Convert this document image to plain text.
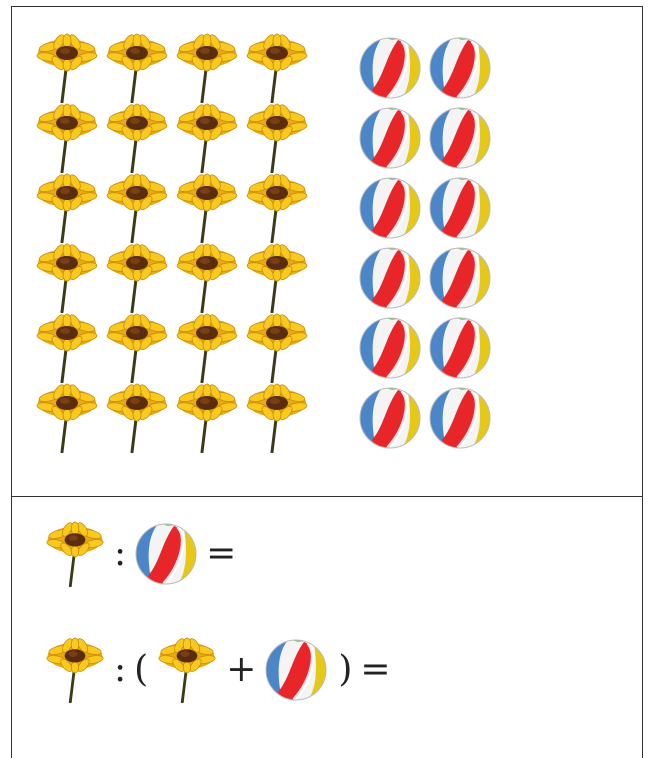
: =
: ( + ) =
